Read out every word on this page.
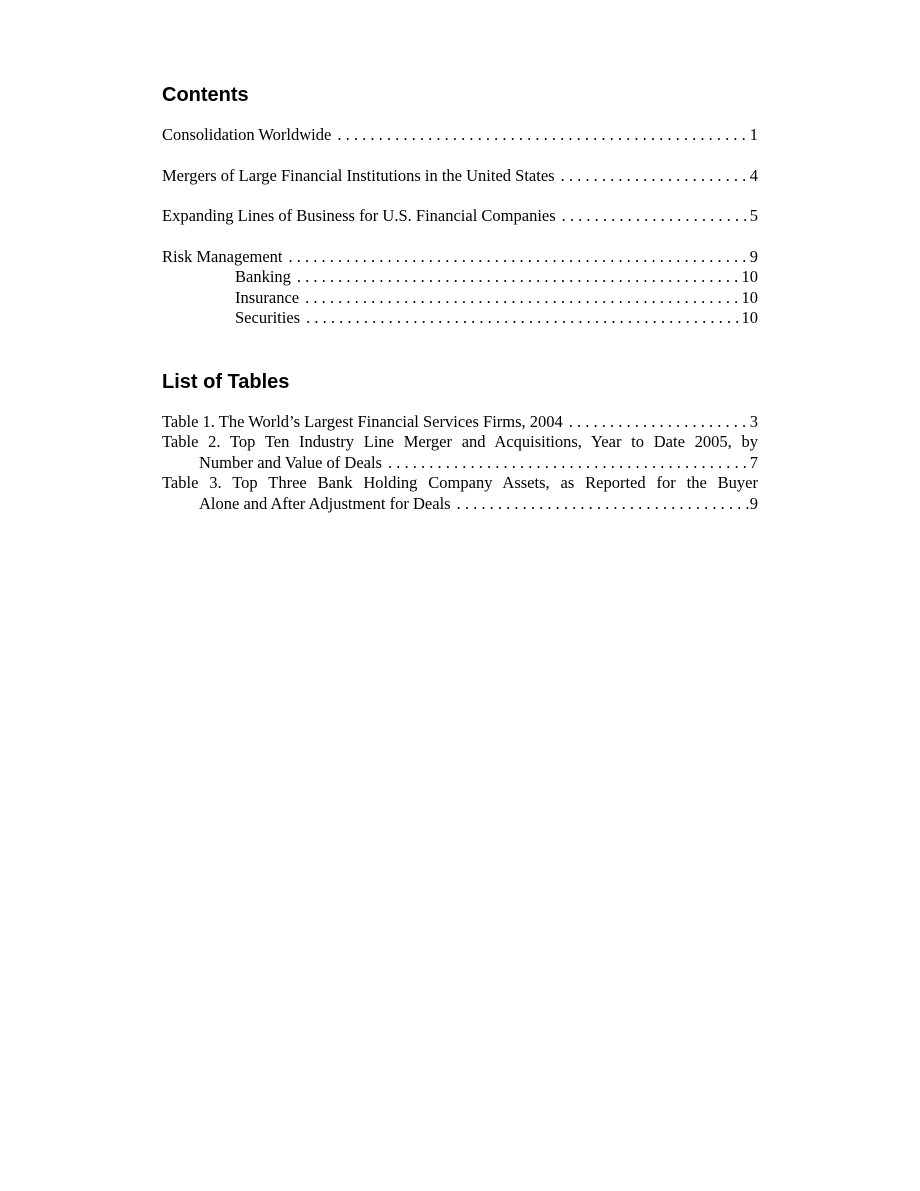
Contents
Consolidation Worldwide . . .	1
Mergers of Large Financial Institutions in the United States . . .	4
Expanding Lines of Business for U.S. Financial Companies . . .	5
Risk Management . . .	9
Banking . . .	10
Insurance . . .	10
Securities . . .	10
List of Tables
Table 1. The World’s Largest Financial Services Firms, 2004 . . .	3
Table 2. Top Ten Industry Line Merger and Acquisitions, Year to Date 2005, by
Number and Value of Deals . . .	7
Table 3. Top Three Bank Holding Company Assets, as Reported for the Buyer
Alone and After Adjustment for Deals . . .	9
